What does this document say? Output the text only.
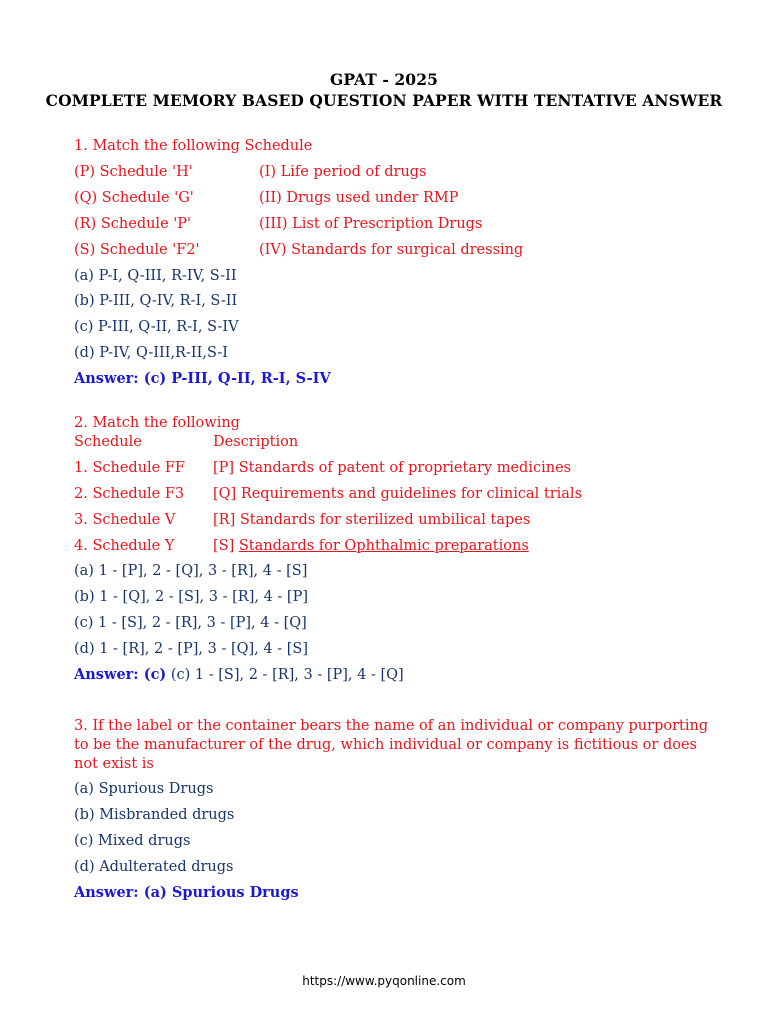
GPAT - 2025
COMPLETE MEMORY BASED QUESTION PAPER WITH TENTATIVE ANSWER
1. Match the following Schedule
(P) Schedule 'H'	(I) Life period of drugs
(Q) Schedule 'G'	(II) Drugs used under RMP
(R) Schedule 'P'	(III) List of Prescription Drugs
(S) Schedule 'F2'	(IV) Standards for surgical dressing
(a) P-I, Q-III, R-IV, S-II
(b) P-III, Q-IV, R-I, S-II
(c) P-III, Q-II, R-I, S-IV
(d) P-IV, Q-III,R-II,S-I
Answer: (c) P-III, Q-II, R-I, S-IV
2. Match the following
Schedule	Description
1. Schedule FF [P] Standards of patent of proprietary medicines
2. Schedule F3 [Q] Requirements and guidelines for clinical trials
3. Schedule V	[R] Standards for sterilized umbilical tapes
4. Schedule Y	[S] Standards for Ophthalmic preparations
(a) 1 - [P], 2 - [Q], 3 - [R], 4 - [S]
(b) 1 - [Q], 2 - [S], 3 - [R], 4 - [P]
(c) 1 - [S], 2 - [R], 3 - [P], 4 - [Q]
(d) 1 - [R], 2 - [P], 3 - [Q], 4 - [S]
Answer: (c) (c) 1 - [S], 2 - [R], 3 - [P], 4 - [Q]
3. If the label or the container bears the name of an individual or company purporting
to be the manufacturer of the drug, which individual or company is fictitious or does
not exist is
(a) Spurious Drugs
(b) Misbranded drugs
(c) Mixed drugs
(d) Adulterated drugs
Answer: (a) Spurious Drugs
https://www.pyqonline.com
